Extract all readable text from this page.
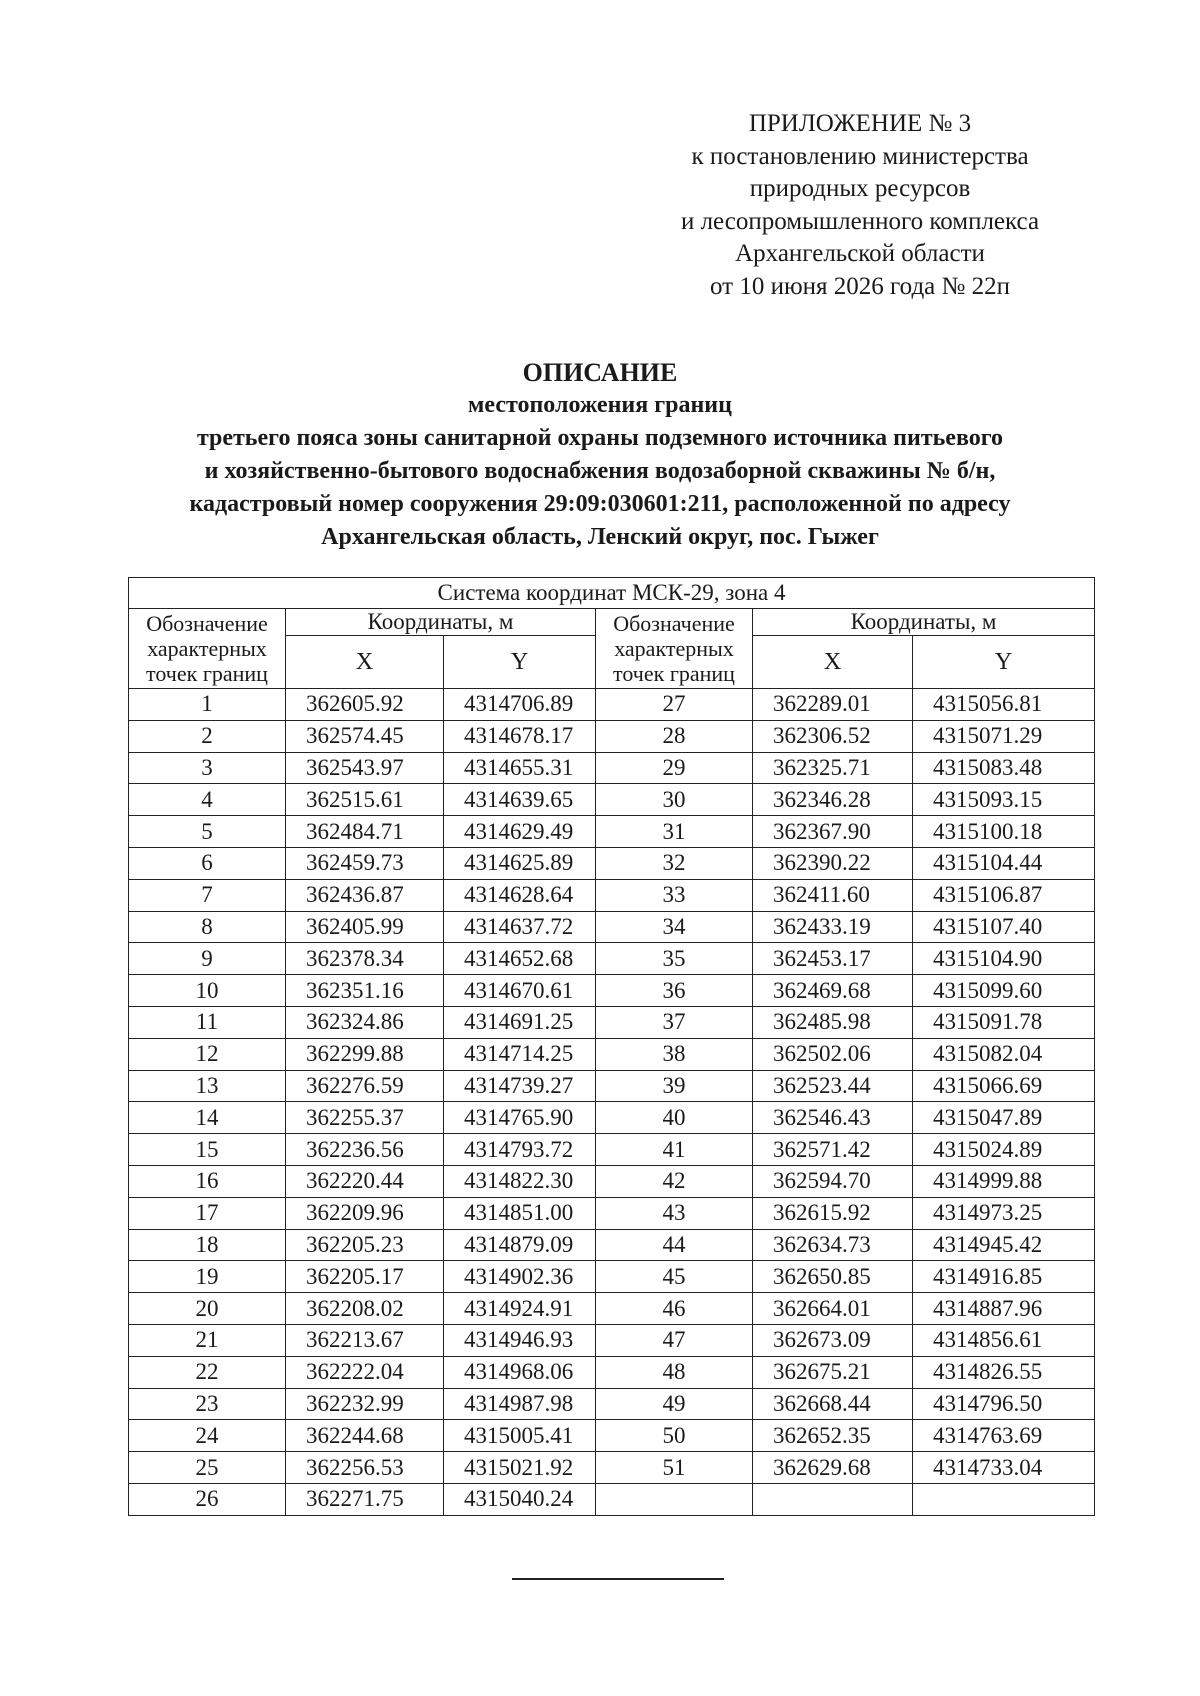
ПРИЛОЖЕНИЕ № 3
к постановлению министерства
природных ресурсов
и лесопромышленного комплекса
Архангельской области
от 10 июня 2026 года № 22п
ОПИСАНИЕ
местоположения границ
третьего пояса зоны санитарной охраны подземного источника питьевого
и хозяйственно-бытового водоснабжения водозаборной скважины № б/н,
кадастровый номер сооружения 29:09:030601:211, расположенной по адресу
Архангельская область, Ленский округ, пос. Гыжег
Система координат МСК-29, зона 4					
Обозначение характерных точек границ	Координаты, м		Обозначение характерных точек границ	Координаты, м	
	X	Y		X	Y
1	362605.92	4314706.89	27	362289.01	4315056.81
2	362574.45	4314678.17	28	362306.52	4315071.29
3	362543.97	4314655.31	29	362325.71	4315083.48
4	362515.61	4314639.65	30	362346.28	4315093.15
5	362484.71	4314629.49	31	362367.90	4315100.18
6	362459.73	4314625.89	32	362390.22	4315104.44
7	362436.87	4314628.64	33	362411.60	4315106.87
8	362405.99	4314637.72	34	362433.19	4315107.40
9	362378.34	4314652.68	35	362453.17	4315104.90
10	362351.16	4314670.61	36	362469.68	4315099.60
11	362324.86	4314691.25	37	362485.98	4315091.78
12	362299.88	4314714.25	38	362502.06	4315082.04
13	362276.59	4314739.27	39	362523.44	4315066.69
14	362255.37	4314765.90	40	362546.43	4315047.89
15	362236.56	4314793.72	41	362571.42	4315024.89
16	362220.44	4314822.30	42	362594.70	4314999.88
17	362209.96	4314851.00	43	362615.92	4314973.25
18	362205.23	4314879.09	44	362634.73	4314945.42
19	362205.17	4314902.36	45	362650.85	4314916.85
20	362208.02	4314924.91	46	362664.01	4314887.96
21	362213.67	4314946.93	47	362673.09	4314856.61
22	362222.04	4314968.06	48	362675.21	4314826.55
23	362232.99	4314987.98	49	362668.44	4314796.50
24	362244.68	4315005.41	50	362652.35	4314763.69
25	362256.53	4315021.92	51	362629.68	4314733.04
26	362271.75	4315040.24			
